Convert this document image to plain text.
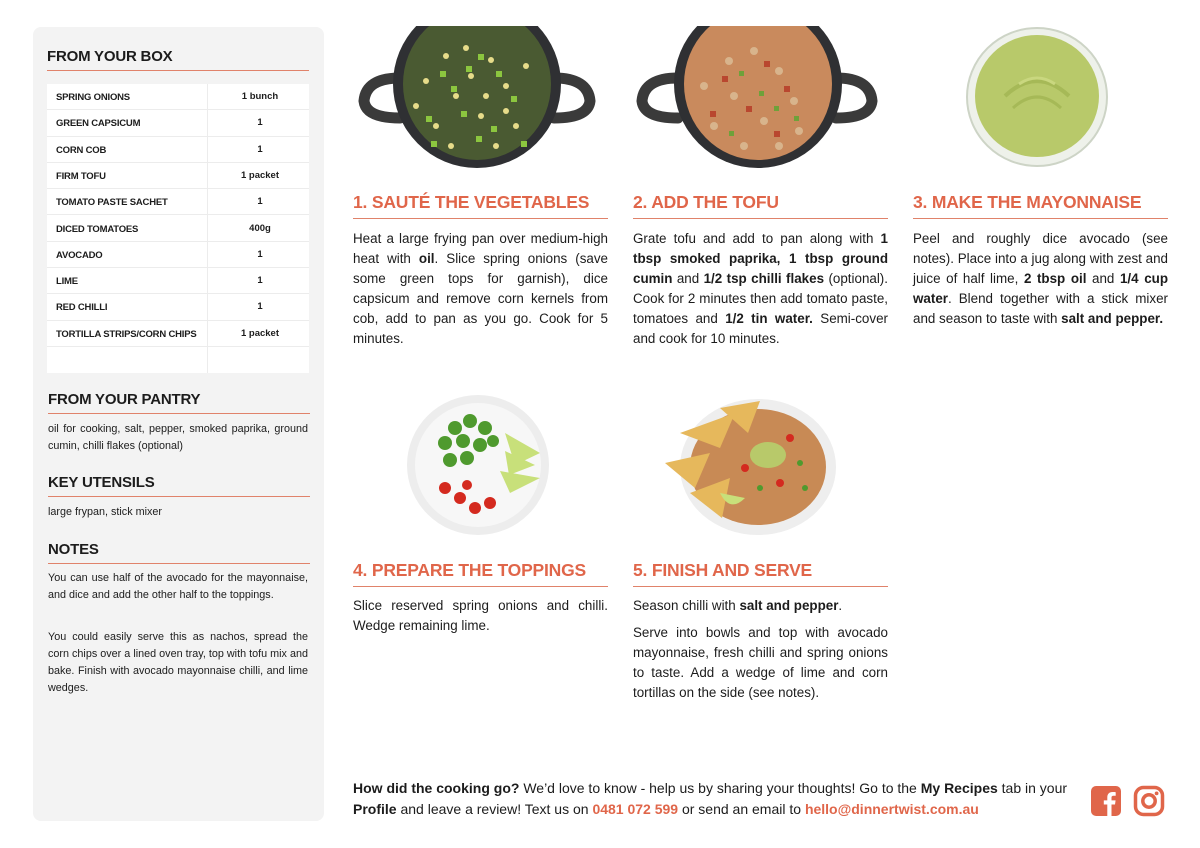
FROM YOUR BOX
SPRING ONIONS	1 bunch
GREEN CAPSICUM	1
CORN COB	1
FIRM TOFU	1 packet
TOMATO PASTE SACHET	1
DICED TOMATOES	400g
AVOCADO	1
LIME	1
RED CHILLI	1
TORTILLA STRIPS/CORN CHIPS	1 packet
FROM YOUR PANTRY
oil for cooking, salt, pepper, smoked paprika, ground cumin, chilli flakes (optional)
KEY UTENSILS
large frypan, stick mixer
NOTES
You can use half of the avocado for the mayonnaise, and dice and add the other half to the toppings.
You could easily serve this as nachos, spread the corn chips over a lined oven tray, top with tofu mix and bake. Finish with avocado mayonnaise chilli, and lime wedges.
1. SAUTÉ THE VEGETABLES
Heat a large frying pan over medium-high heat with oil. Slice spring onions (save some green tops for garnish), dice capsicum and remove corn kernels from cob, add to pan as you go. Cook for 5 minutes.
2. ADD THE TOFU
Grate tofu and add to pan along with 1 tbsp smoked paprika, 1 tbsp ground cumin and 1/2 tsp chilli flakes (optional). Cook for 2 minutes then add tomato paste, tomatoes and 1/2 tin water. Semi-cover and cook for 10 minutes.
3. MAKE THE MAYONNAISE
Peel and roughly dice avocado (see notes). Place into a jug along with zest and juice of half lime, 2 tbsp oil and 1/4 cup water. Blend together with a stick mixer and season to taste with salt and pepper.
4. PREPARE THE TOPPINGS
Slice reserved spring onions and chilli. Wedge remaining lime.
5. FINISH AND SERVE
Season chilli with salt and pepper.
Serve into bowls and top with avocado mayonnaise, fresh chilli and spring onions to taste. Add a wedge of lime and corn tortillas on the side (see notes).
How did the cooking go? We’d love to know - help us by sharing your thoughts! Go to the My Recipes tab in your Profile and leave a review! Text us on 0481 072 599 or send an email to hello@dinnertwist.com.au
